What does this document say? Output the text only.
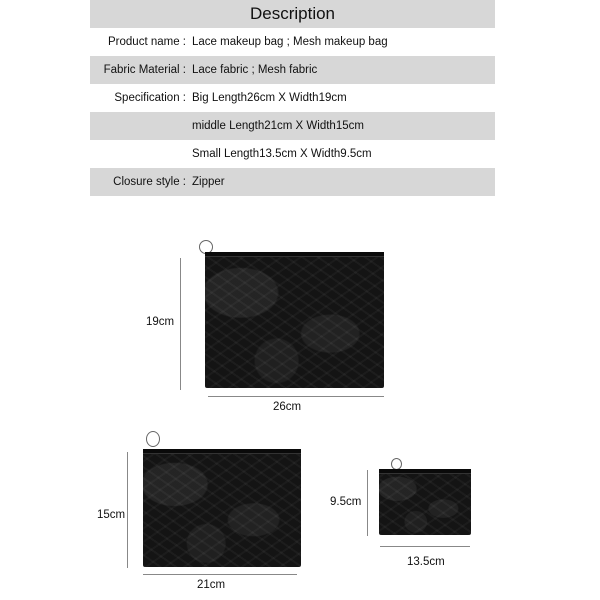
Description
Product name : Lace makeup bag ; Mesh makeup bag
Fabric Material : Lace fabric ; Mesh fabric
Specification : Big Length26cm X Width19cm
middle Length21cm X Width15cm
Small Length13.5cm X Width9.5cm
Closure style : Zipper
19cm
26cm
15cm
21cm
9.5cm
13.5cm
